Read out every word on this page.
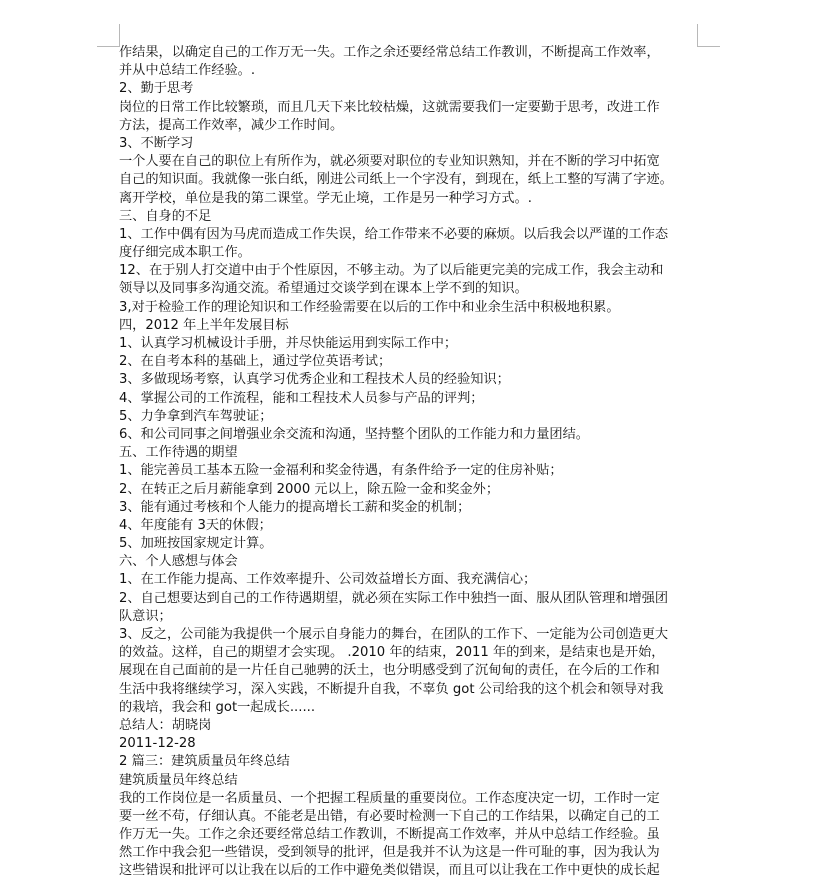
作结果，以确定自己的工作万无一失。工作之余还要经常总结工作教训，不断提高工作效率，
并从中总结工作经验。.
2、勤于思考
岗位的日常工作比较繁琐，而且几天下来比较枯燥，这就需要我们一定要勤于思考，改进工作
方法，提高工作效率，减少工作时间。
3、不断学习
一个人要在自己的职位上有所作为，就必须要对职位的专业知识熟知，并在不断的学习中拓宽
自己的知识面。我就像一张白纸，刚进公司纸上一个字没有，到现在，纸上工整的写满了字迹。
离开学校，单位是我的第二课堂。学无止境，工作是另一种学习方式。.
三、自身的不足
1、工作中偶有因为马虎而造成工作失误，给工作带来不必要的麻烦。以后我会以严谨的工作态
度仔细完成本职工作。
12、在于别人打交道中由于个性原因，不够主动。为了以后能更完美的完成工作，我会主动和
领导以及同事多沟通交流。希望通过交谈学到在课本上学不到的知识。
3,对于检验工作的理论知识和工作经验需要在以后的工作中和业余生活中积极地积累。
四，2012 年上半年发展目标
1、认真学习机械设计手册，并尽快能运用到实际工作中；
2、在自考本科的基础上，通过学位英语考试；
3、多做现场考察，认真学习优秀企业和工程技术人员的经验知识；
4、掌握公司的工作流程，能和工程技术人员参与产品的评判；
5、力争拿到汽车驾驶证；
6、和公司同事之间增强业余交流和沟通，坚持整个团队的工作能力和力量团结。
五、工作待遇的期望
1、能完善员工基本五险一金福利和奖金待遇，有条件给予一定的住房补贴；
2、在转正之后月薪能拿到 2000 元以上，除五险一金和奖金外；
3、能有通过考核和个人能力的提高增长工薪和奖金的机制；
4、年度能有 3天的休假；
5、加班按国家规定计算。
六、个人感想与体会
1、在工作能力提高、工作效率提升、公司效益增长方面、我充满信心；
2、自己想要达到自己的工作待遇期望，就必须在实际工作中独挡一面、服从团队管理和增强团
队意识；
3、反之，公司能为我提供一个展示自身能力的舞台，在团队的工作下、一定能为公司创造更大
的效益。这样，自己的期望才会实现。 .2010 年的结束，2011 年的到来，是结束也是开始，
展现在自己面前的是一片任自己驰骋的沃土，也分明感受到了沉甸甸的责任，在今后的工作和
生活中我将继续学习，深入实践，不断提升自我，不辜负 got 公司给我的这个机会和领导对我
的栽培，我会和 got一起成长......
总结人：胡晓岗
2011-12-28
2 篇三：建筑质量员年终总结
建筑质量员年终总结
我的工作岗位是一名质量员、一个把握工程质量的重要岗位。工作态度决定一切，工作时一定
要一丝不苟，仔细认真。不能老是出错，有必要时检测一下自己的工作结果，以确定自己的工
作万无一失。工作之余还要经常总结工作教训，不断提高工作效率，并从中总结工作经验。虽
然工作中我会犯一些错误，受到领导的批评，但是我并不认为这是一件可耻的事，因为我认为
这些错误和批评可以让我在以后的工作中避免类似错误，而且可以让我在工作中更快的成长起
